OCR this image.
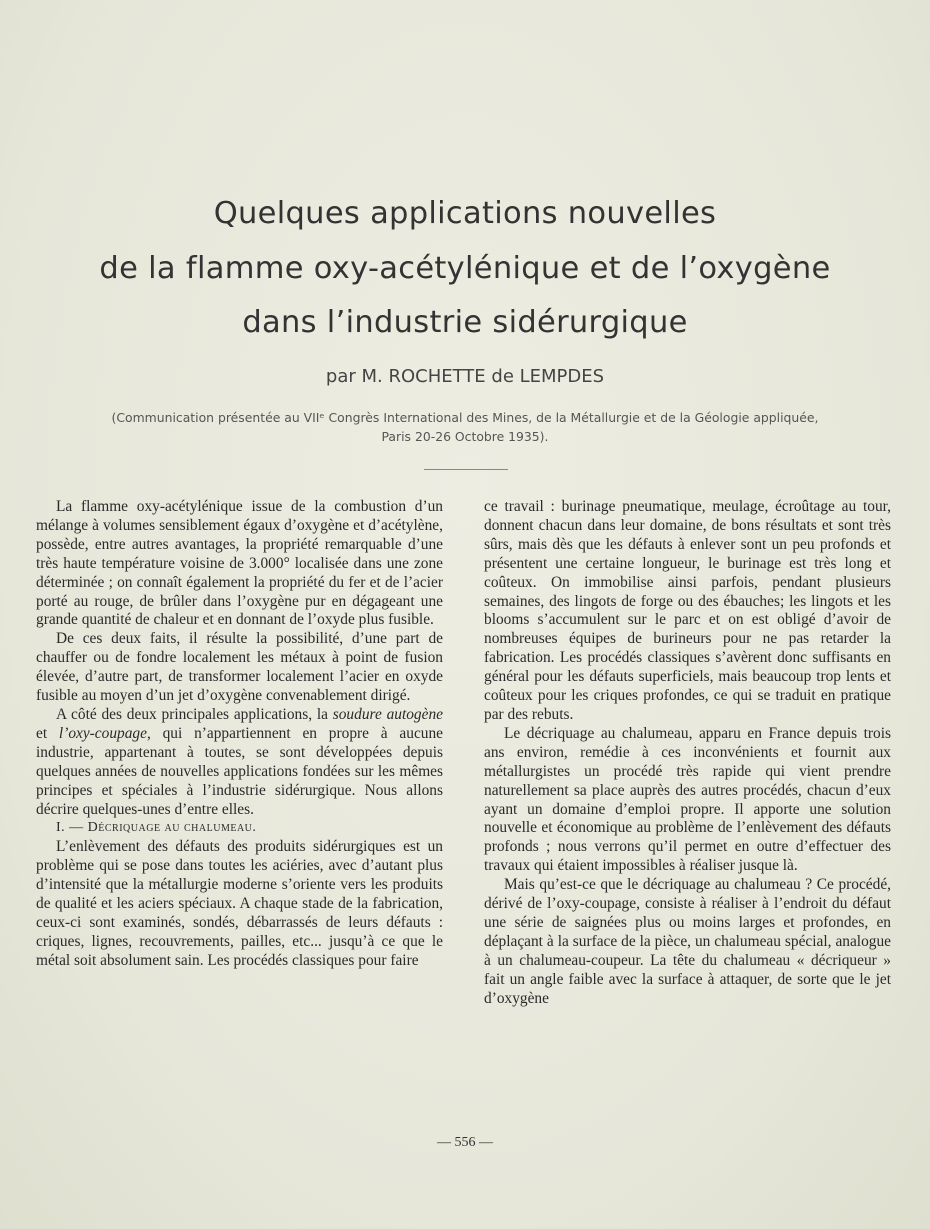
Quelques applications nouvelles
de la flamme oxy-acétylénique et de l’oxygène
dans l’industrie sidérurgique
par M. ROCHETTE de LEMPDES
(Communication présentée au VIIᵉ Congrès International des Mines, de la Métallurgie et de la Géologie appliquée,
Paris 20-26 Octobre 1935).

La flamme oxy-acétylénique issue de la combustion d’un mélange à volumes sensiblement égaux d’oxygène et d’acétylène, possède, entre autres avantages, la propriété remarquable d’une très haute température voisine de 3.000° localisée dans une zone déterminée ; on connaît également la propriété du fer et de l’acier porté au rouge, de brûler dans l’oxygène pur en dégageant une grande quantité de chaleur et en donnant de l’oxyde plus fusible.

De ces deux faits, il résulte la possibilité, d’une part de chauffer ou de fondre localement les métaux à point de fusion élevée, d’autre part, de transformer localement l’acier en oxyde fusible au moyen d’un jet d’oxygène convenablement dirigé.

A côté des deux principales applications, la soudure autogène et l’oxy-coupage, qui n’appartiennent en propre à aucune industrie, appartenant à toutes, se sont développées depuis quelques années de nouvelles applications fondées sur les mêmes principes et spéciales à l’industrie sidérurgique. Nous allons décrire quelques-unes d’entre elles.

I. — Décriquage au chalumeau.

L’enlèvement des défauts des produits sidérurgiques est un problème qui se pose dans toutes les aciéries, avec d’autant plus d’intensité que la métallurgie moderne s’oriente vers les produits de qualité et les aciers spéciaux. A chaque stade de la fabrication, ceux-ci sont examinés, sondés, débarrassés de leurs défauts : criques, lignes, recouvrements, pailles, etc... jusqu’à ce que le métal soit absolument sain. Les procédés classiques pour faire

ce travail : burinage pneumatique, meulage, écroûtage au tour, donnent chacun dans leur domaine, de bons résultats et sont très sûrs, mais dès que les défauts à enlever sont un peu profonds et présentent une certaine longueur, le burinage est très long et coûteux. On immobilise ainsi parfois, pendant plusieurs semaines, des lingots de forge ou des ébauches; les lingots et les blooms s’accumulent sur le parc et on est obligé d’avoir de nombreuses équipes de burineurs pour ne pas retarder la fabrication. Les procédés classiques s’avèrent donc suffisants en général pour les défauts superficiels, mais beaucoup trop lents et coûteux pour les criques profondes, ce qui se traduit en pratique par des rebuts.

Le décriquage au chalumeau, apparu en France depuis trois ans environ, remédie à ces inconvénients et fournit aux métallurgistes un procédé très rapide qui vient prendre naturellement sa place auprès des autres procédés, chacun d’eux ayant un domaine d’emploi propre. Il apporte une solution nouvelle et économique au problème de l’enlèvement des défauts profonds ; nous verrons qu’il permet en outre d’effectuer des travaux qui étaient impossibles à réaliser jusque là.

Mais qu’est-ce que le décriquage au chalumeau ? Ce procédé, dérivé de l’oxy-coupage, consiste à réaliser à l’endroit du défaut une série de saignées plus ou moins larges et profondes, en déplaçant à la surface de la pièce, un chalumeau spécial, analogue à un chalumeau-coupeur. La tête du chalumeau « décriqueur » fait un angle faible avec la surface à attaquer, de sorte que le jet d’oxygène

— 556 —
